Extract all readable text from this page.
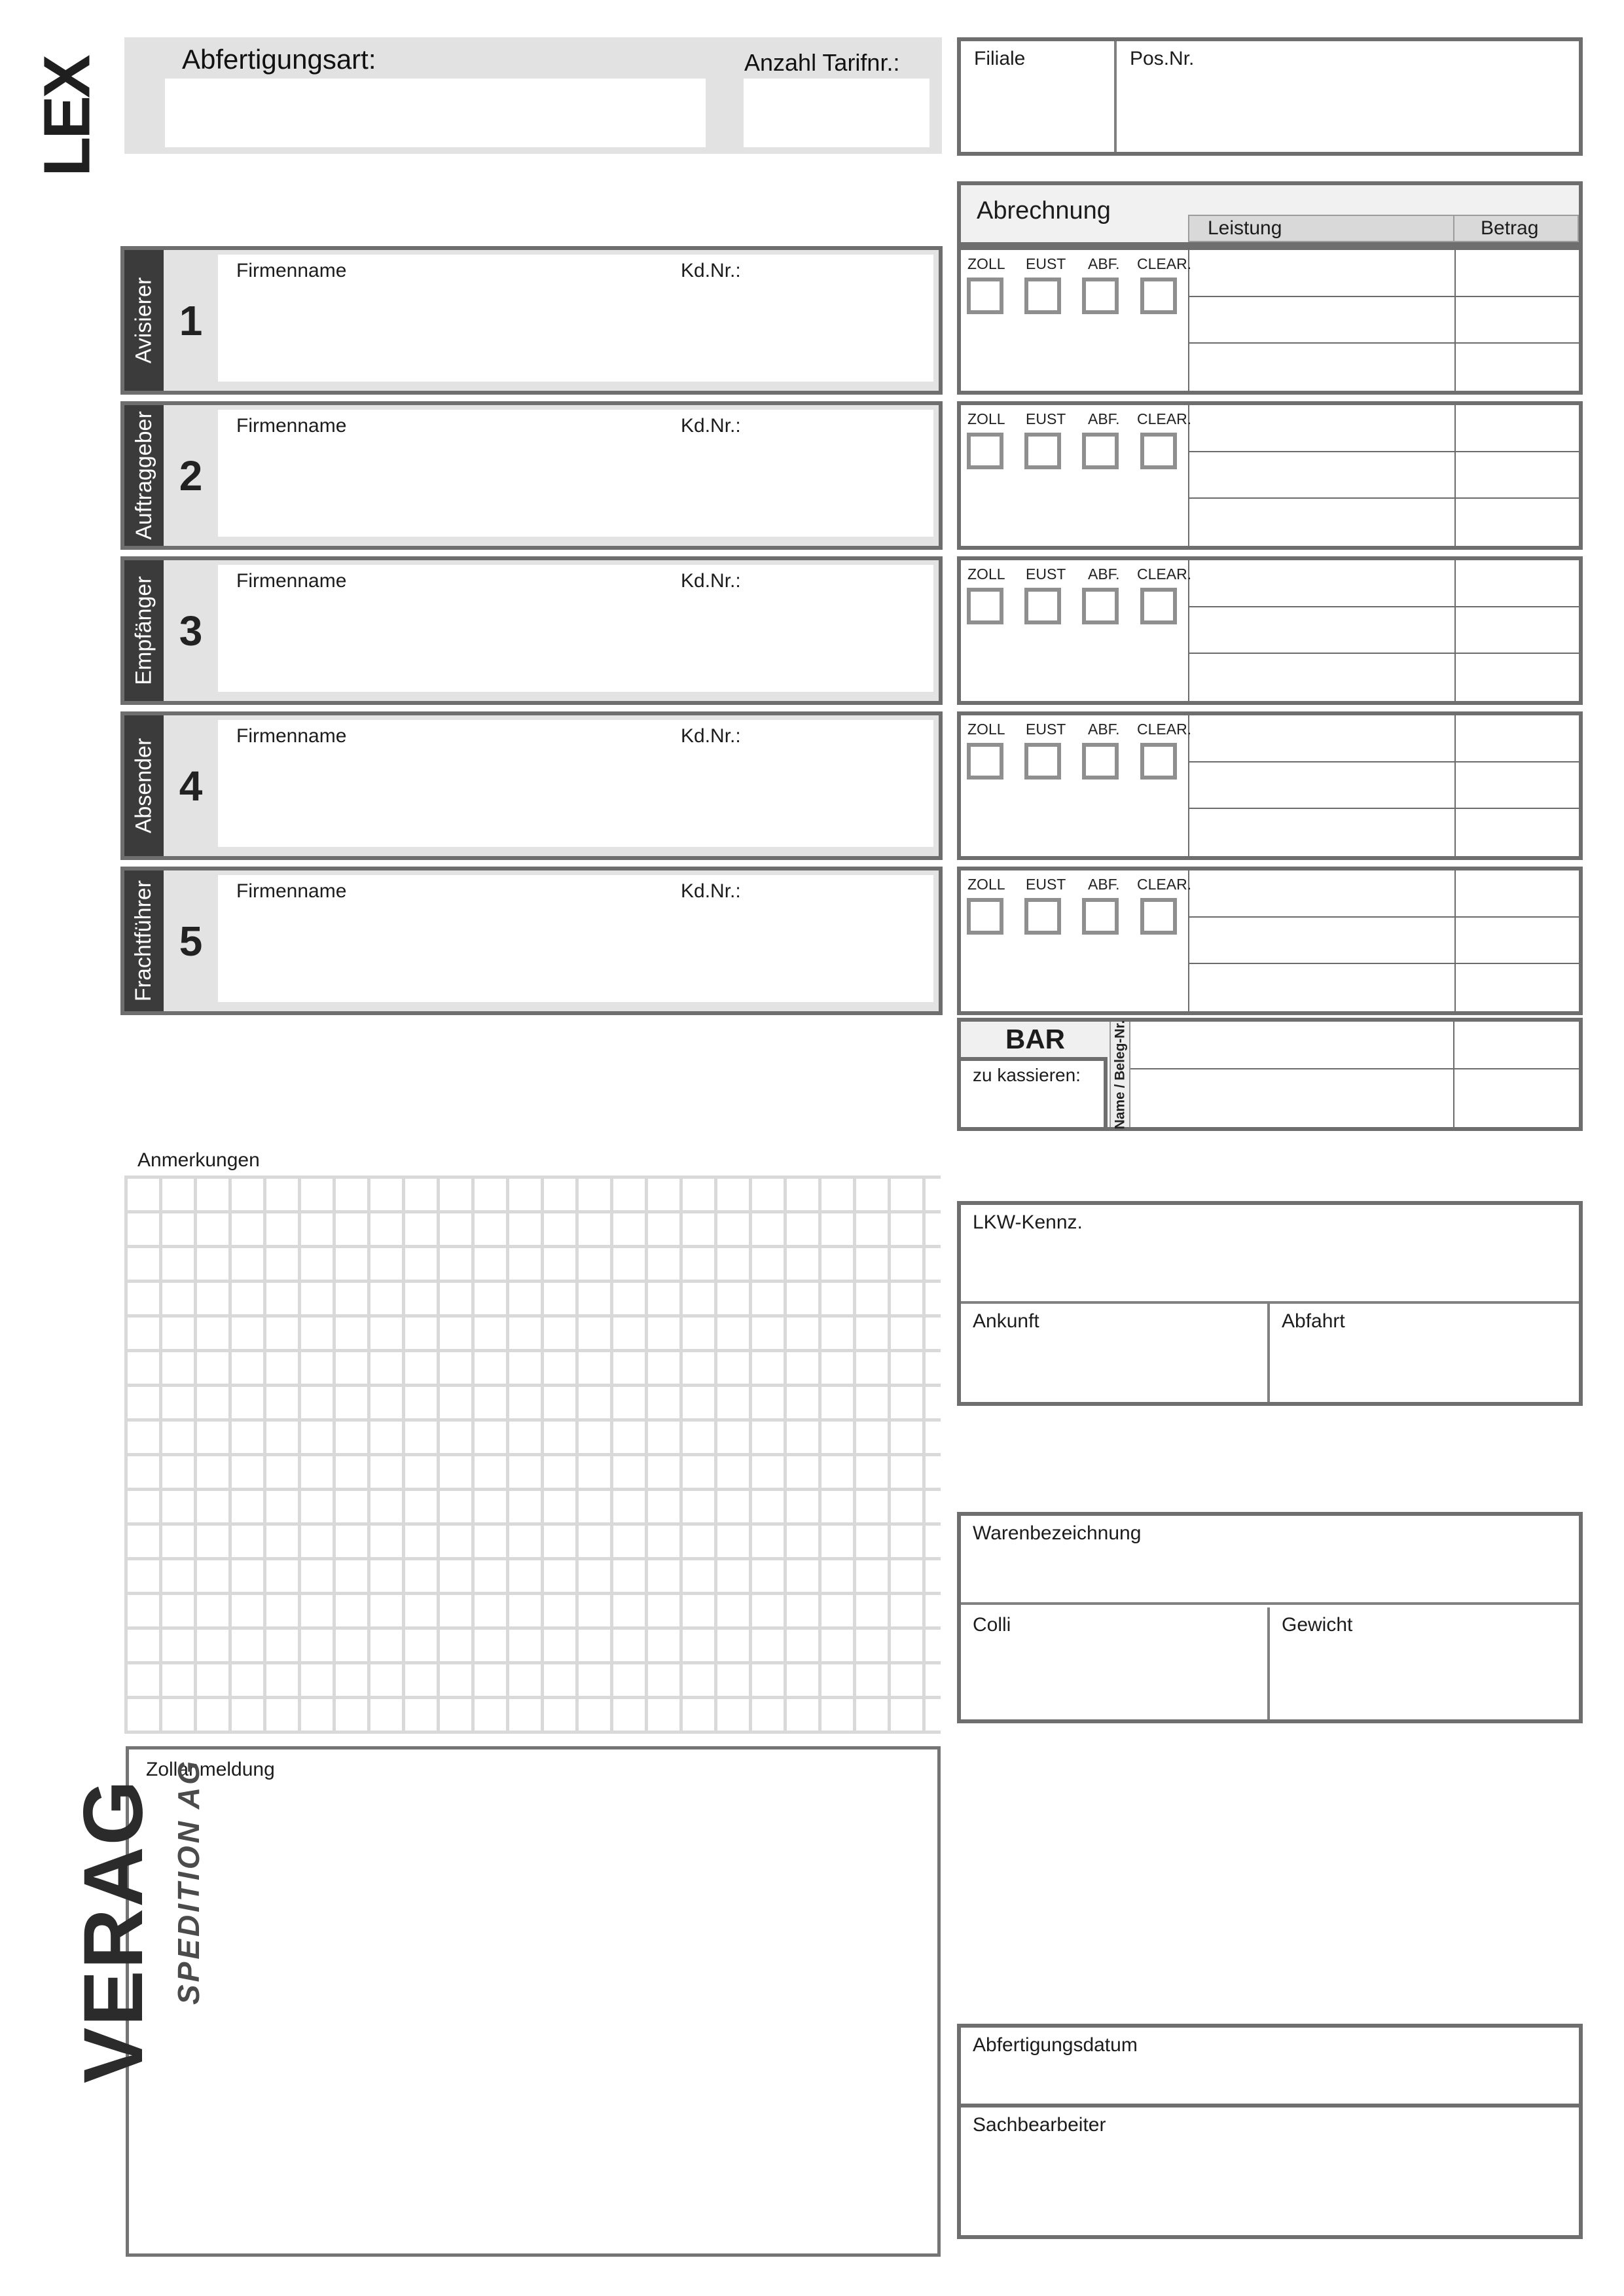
LEX	Abfertigungsart:	Anzahl Tarifnr.:	Filiale	Pos.Nr.
Abrechnung
Leistung	Betrag
Avisierer 1
Firmenname	Kd.Nr.:	ZOLL EUST ABF. CLEAR.
Auftraggeber 2
Firmenname	Kd.Nr.:	ZOLL EUST ABF. CLEAR.
Empfänger 3
Firmenname	Kd.Nr.:	ZOLL EUST ABF. CLEAR.
Absender 4
Firmenname	Kd.Nr.:	ZOLL EUST ABF. CLEAR.
Frachtführer 5
Firmenname	Kd.Nr.:	ZOLL EUST ABF. CLEAR.
BAR
zu kassieren:	Name / Beleg-Nr.
Anmerkungen
LKW-Kennz.
Ankunft	Abfahrt
Warenbezeichnung
Colli	Gewicht
Zollanmeldung
Abfertigungsdatum
Sachbearbeiter
VERAG SPEDITION AG
